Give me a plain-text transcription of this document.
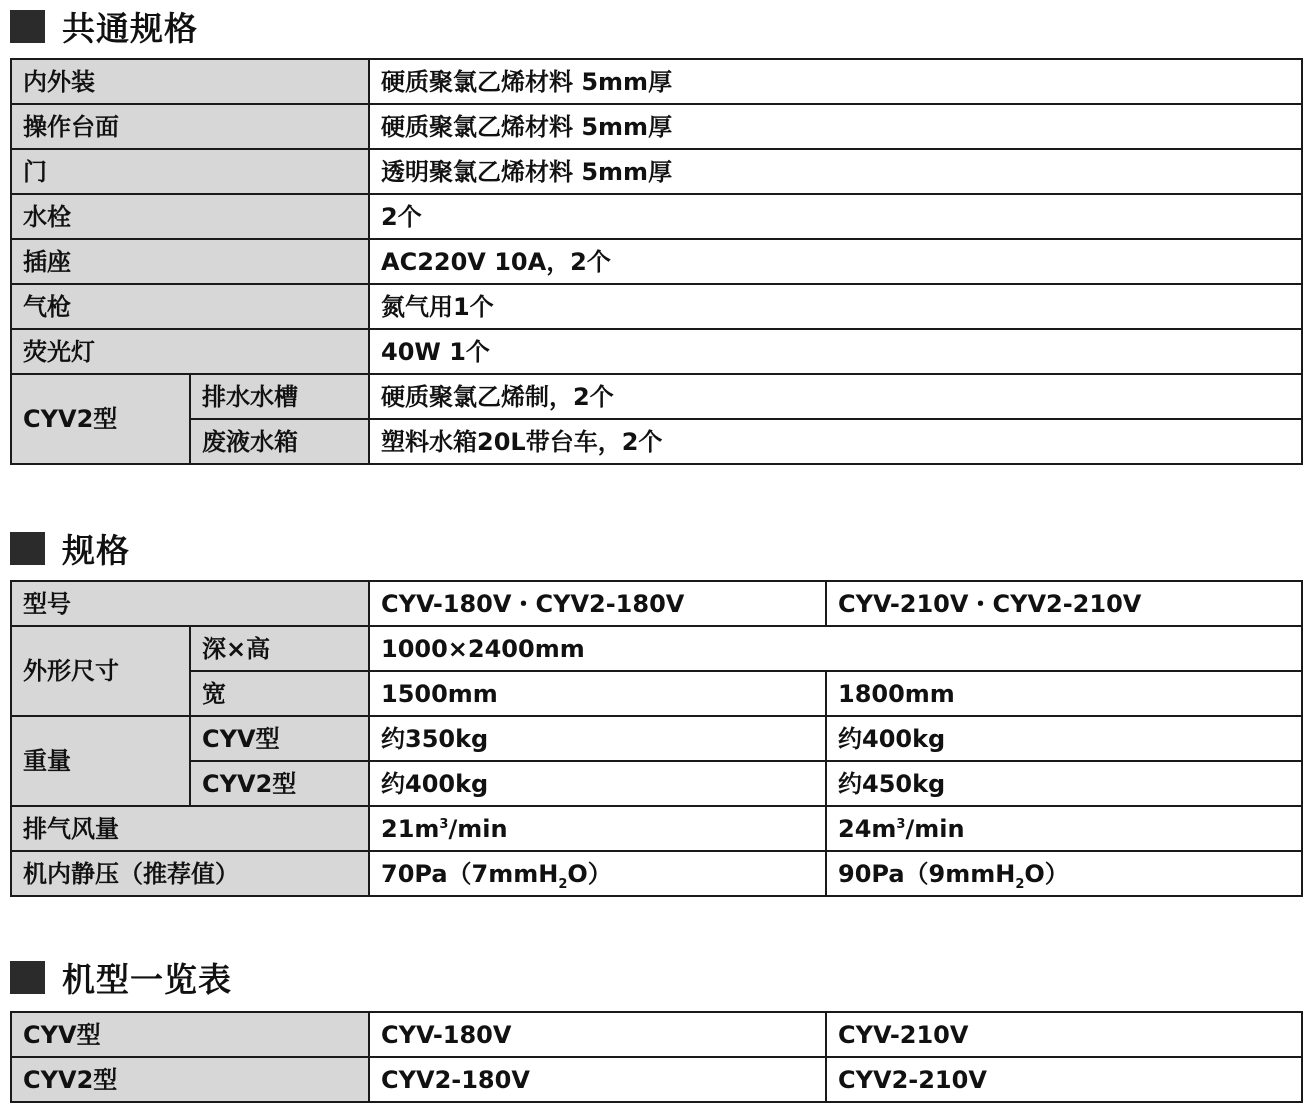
共通规格
内外装		硬质聚氯乙烯材料 5mm厚
操作台面		硬质聚氯乙烯材料 5mm厚
门		透明聚氯乙烯材料 5mm厚
水栓		2个
插座		AC220V 10A，2个
气枪		氮气用1个
荧光灯		40W 1个
CYV2型	排水水槽	硬质聚氯乙烯制，2个
	废液水箱	塑料水箱20L带台车，2个
规格
型号		CYV-180V・CYV2-180V	CYV-210V・CYV2-210V
外形尺寸	深×高	1000×2400mm	
	宽	1500mm	1800mm
重量	CYV型	约350kg	约400kg
	CYV2型	约400kg	约450kg
排气风量		$21m^3/\min$	$24m^3/\min$
机内静压（推荐值）		70Pa（7mmH$_2$O）	90Pa（9mmH$_2$O）
机型一览表
CYV型	CYV-180V	CYV-210V
CYV2型	CYV2-180V	CYV2-210V
